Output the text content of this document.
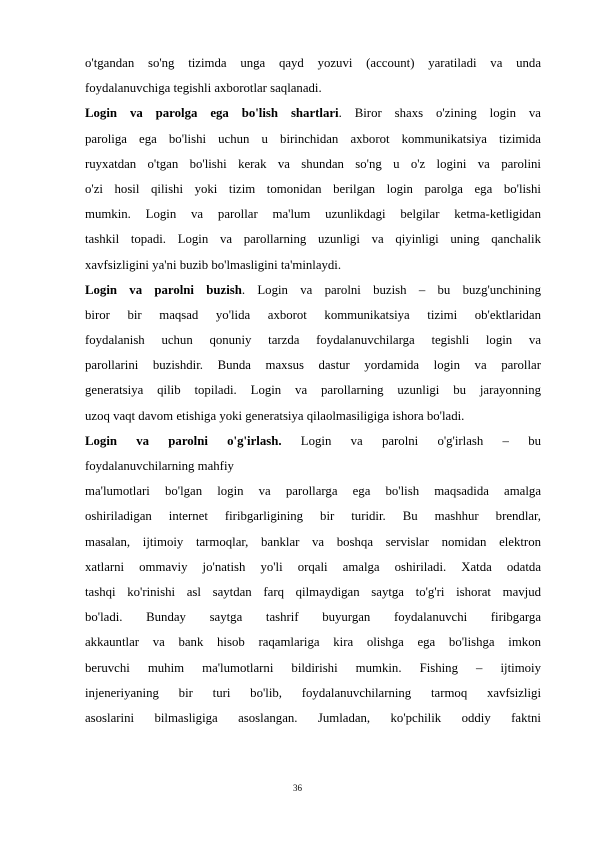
o'tgandan so'ng tizimda unga qayd yozuvi (account) yaratiladi va unda
foydalanuvchiga tegishli axborotlar saqlanadi.
Login va parolga ega bo'lish shartlari. Biror shaxs o'zining login va
paroliga ega bo'lishi uchun u birinchidan axborot kommunikatsiya tizimida
ruyxatdan o'tgan bo'lishi kerak va shundan so'ng u o'z logini va parolini
o'zi hosil qilishi yoki tizim tomonidan berilgan login parolga ega bo'lishi
mumkin. Login va parollar ma'lum uzunlikdagi belgilar ketma-ketligidan
tashkil topadi. Login va parollarning uzunligi va qiyinligi uning qanchalik
xavfsizligini ya'ni buzib bo'lmasligini ta'minlaydi.
Login va parolni buzish. Login va parolni buzish – bu buzg'unchining
biror bir maqsad yo'lida axborot kommunikatsiya tizimi ob'ektlaridan
foydalanish uchun qonuniy tarzda foydalanuvchilarga tegishli login va
parollarini buzishdir. Bunda maxsus dastur yordamida login va parollar
generatsiya qilib topiladi. Login va parollarning uzunligi bu jarayonning
uzoq vaqt davom etishiga yoki generatsiya qilaolmasiligiga ishora bo'ladi.
Login va parolni o'g'irlash. Login va parolni o'g'irlash – bu
foydalanuvchilarning mahfiy
ma'lumotlari bo'lgan login va parollarga ega bo'lish maqsadida amalga
oshiriladigan internet firibgarligining bir turidir. Bu mashhur brendlar,
masalan, ijtimoiy tarmoqlar, banklar va boshqa servislar nomidan elektron
xatlarni ommaviy jo'natish yo'li orqali amalga oshiriladi. Xatda odatda
tashqi ko'rinishi asl saytdan farq qilmaydigan saytga to'g'ri ishorat mavjud
bo'ladi. Bunday saytga tashrif buyurgan foydalanuvchi firibgarga
akkauntlar va bank hisob raqamlariga kira olishga ega bo'lishga imkon
beruvchi muhim ma'lumotlarni bildirishi mumkin. Fishing – ijtimoiy
injeneriyaning bir turi bo'lib, foydalanuvchilarning tarmoq xavfsizligi
asoslarini bilmasligiga asoslangan. Jumladan, ko'pchilik oddiy faktni
36
